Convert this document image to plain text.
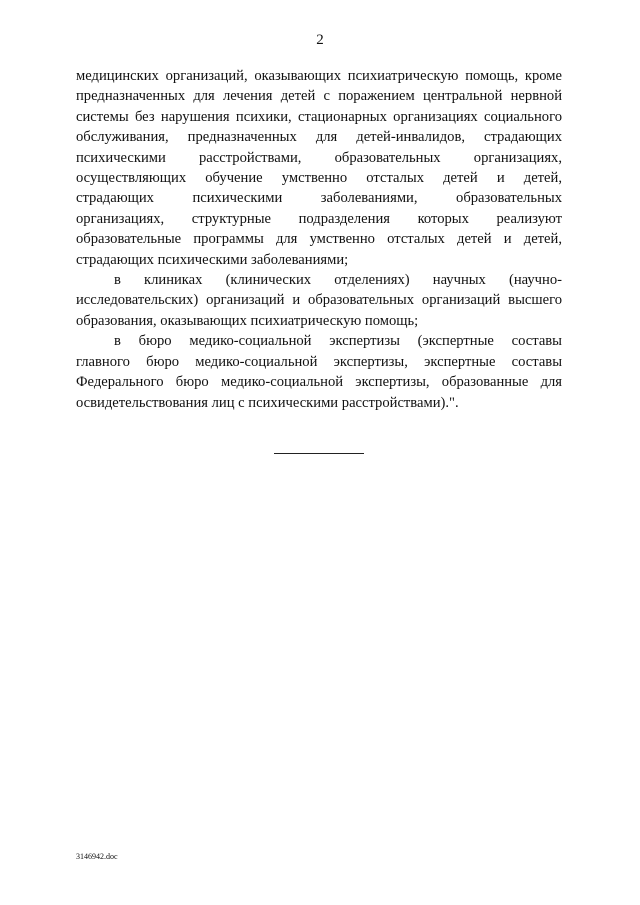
2
медицинских организаций, оказывающих психиатрическую помощь, кроме
предназначенных для лечения детей с поражением центральной нервной
системы без нарушения психики, стационарных организациях социального
обслуживания, предназначенных для детей-инвалидов, страдающих
психическими расстройствами, образовательных организациях,
осуществляющих обучение умственно отсталых детей и детей,
страдающих психическими заболеваниями, образовательных
организациях, структурные подразделения которых реализуют
образовательные программы для умственно отсталых детей и детей,
страдающих психическими заболеваниями;
в клиниках (клинических отделениях) научных (научно-
исследовательских) организаций и образовательных организаций высшего
образования, оказывающих психиатрическую помощь;
в бюро медико-социальной экспертизы (экспертные составы
главного бюро медико-социальной экспертизы, экспертные составы
Федерального бюро медико-социальной экспертизы, образованные для
освидетельствования лиц с психическими расстройствами).".
3146942.doc
